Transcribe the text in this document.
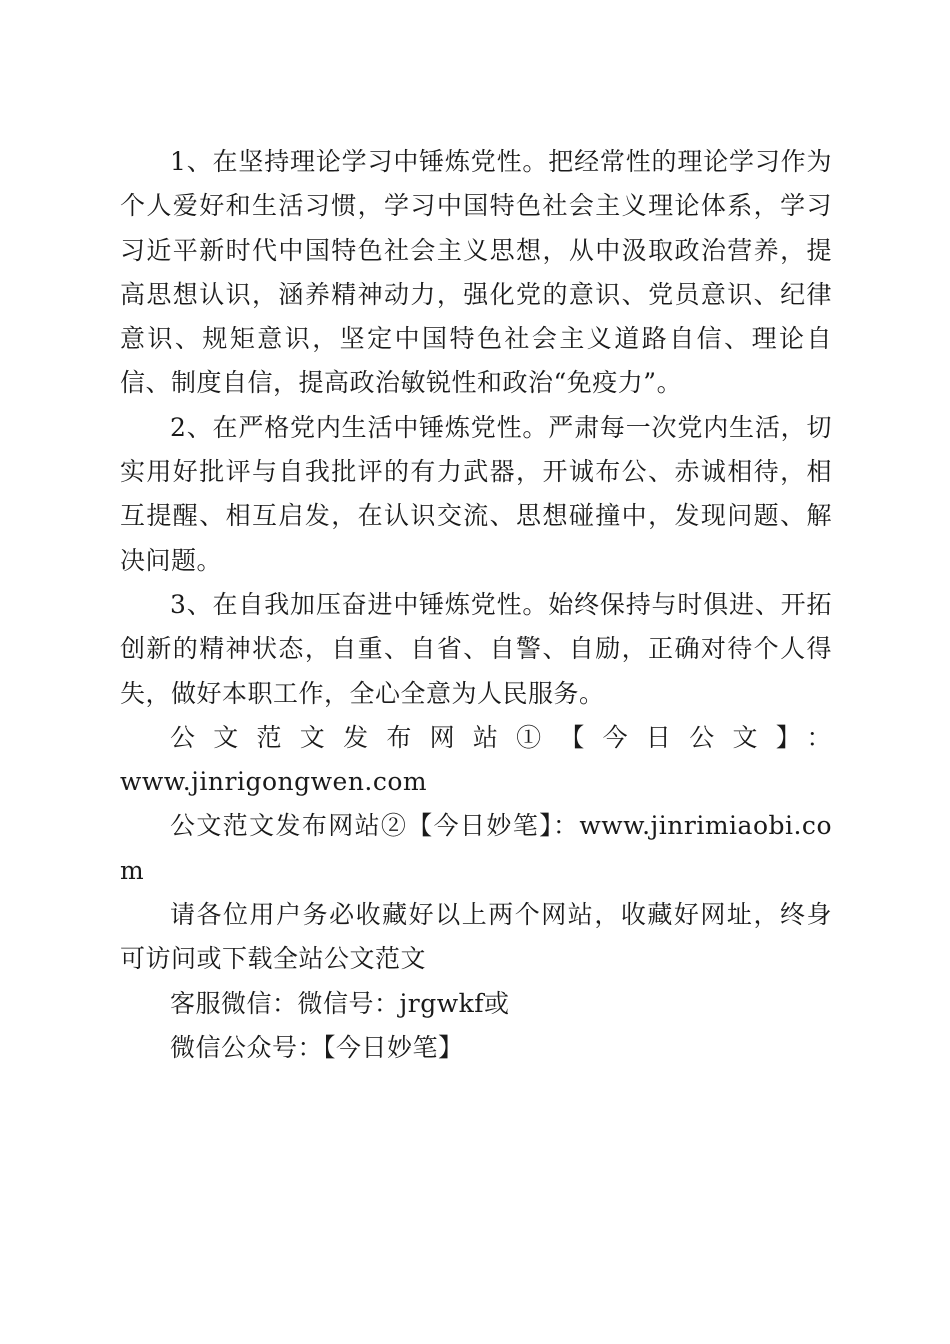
1、在坚持理论学习中锤炼党性。把经常性的理论学习作为个人爱好和生活习惯，学习中国特色社会主义理论体系，学习习近平新时代中国特色社会主义思想，从中汲取政治营养，提高思想认识，涵养精神动力，强化党的意识、党员意识、纪律意识、规矩意识，坚定中国特色社会主义道路自信、理论自信、制度自信，提高政治敏锐性和政治“免疫力”。

2、在严格党内生活中锤炼党性。严肃每一次党内生活，切实用好批评与自我批评的有力武器，开诚布公、赤诚相待，相互提醒、相互启发，在认识交流、思想碰撞中，发现问题、解决问题。

3、在自我加压奋进中锤炼党性。始终保持与时俱进、开拓创新的精神状态，自重、自省、自警、自励，正确对待个人得失，做好本职工作，全心全意为人民服务。

公文范文发布网站①【今日公文】：

www.jinrigongwen.com

公文范文发布网站②【今日妙笔】：www.jinrimiaobi.com

请各位用户务必收藏好以上两个网站，收藏好网址，终身可访问或下载全站公文范文

客服微信：微信号：jrgwkf或

微信公众号：【今日妙笔】
